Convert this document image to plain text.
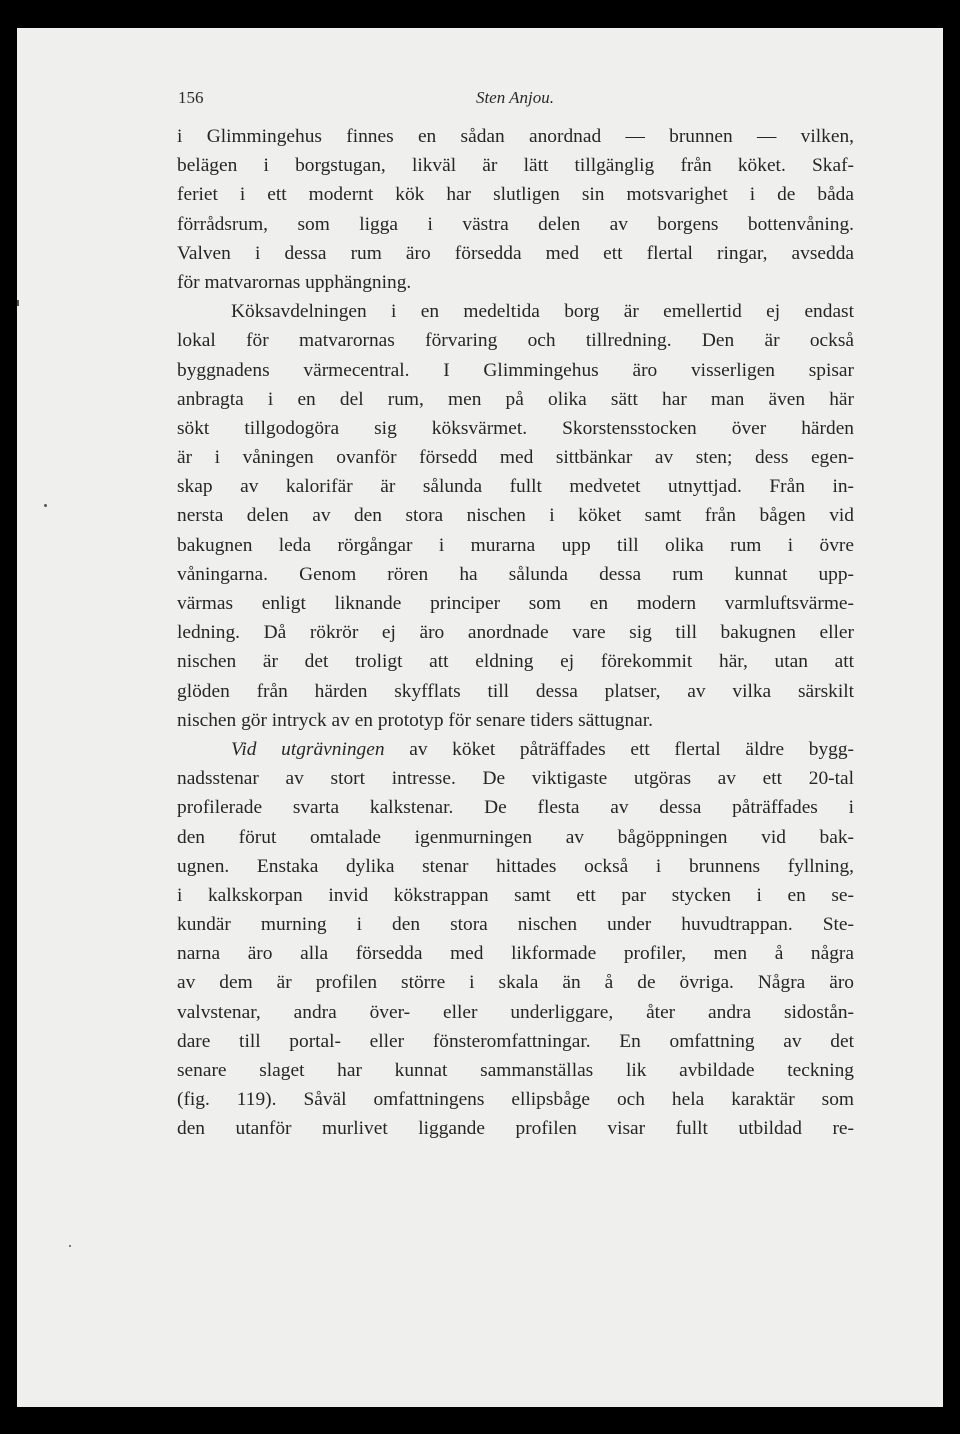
156	Sten Anjou.
i Glimmingehus finnes en sådan anordnad — brunnen — vilken,
belägen i borgstugan, likväl är lätt tillgänglig från köket. Skaf-
feriet i ett modernt kök har slutligen sin motsvarighet i de båda
förrådsrum, som ligga i västra delen av borgens bottenvåning.
Valven i dessa rum äro försedda med ett flertal ringar, avsedda
för matvarornas upphängning.
Köksavdelningen i en medeltida borg är emellertid ej endast
lokal för matvarornas förvaring och tillredning. Den är också
byggnadens värmecentral. I Glimmingehus äro visserligen spisar
anbragta i en del rum, men på olika sätt har man även här
sökt tillgodogöra sig köksvärmet. Skorstensstocken över härden
är i våningen ovanför försedd med sittbänkar av sten; dess egen-
skap av kalorifär är sålunda fullt medvetet utnyttjad. Från in-
nersta delen av den stora nischen i köket samt från bågen vid
bakugnen leda rörgångar i murarna upp till olika rum i övre
våningarna. Genom rören ha sålunda dessa rum kunnat upp-
värmas enligt liknande principer som en modern varmluftsvärme-
ledning. Då rökrör ej äro anordnade vare sig till bakugnen eller
nischen är det troligt att eldning ej förekommit här, utan att
glöden från härden skyfflats till dessa platser, av vilka särskilt
nischen gör intryck av en prototyp för senare tiders sättugnar.
Vid utgrävningen av köket påträffades ett flertal äldre bygg-
nadsstenar av stort intresse. De viktigaste utgöras av ett 20-tal
profilerade svarta kalkstenar. De flesta av dessa påträffades i
den förut omtalade igenmurningen av bågöppningen vid bak-
ugnen. Enstaka dylika stenar hittades också i brunnens fyllning,
i kalkskorpan invid kökstrappan samt ett par stycken i en se-
kundär murning i den stora nischen under huvudtrappan. Ste-
narna äro alla försedda med likformade profiler, men å några
av dem är profilen större i skala än å de övriga. Några äro
valvstenar, andra över- eller underliggare, åter andra sidostån-
dare till portal- eller fönsteromfattningar. En omfattning av det
senare slaget har kunnat sammanställas lik avbildade teckning
(fig. 119). Såväl omfattningens ellipsbåge och hela karaktär som
den utanför murlivet liggande profilen visar fullt utbildad re-
